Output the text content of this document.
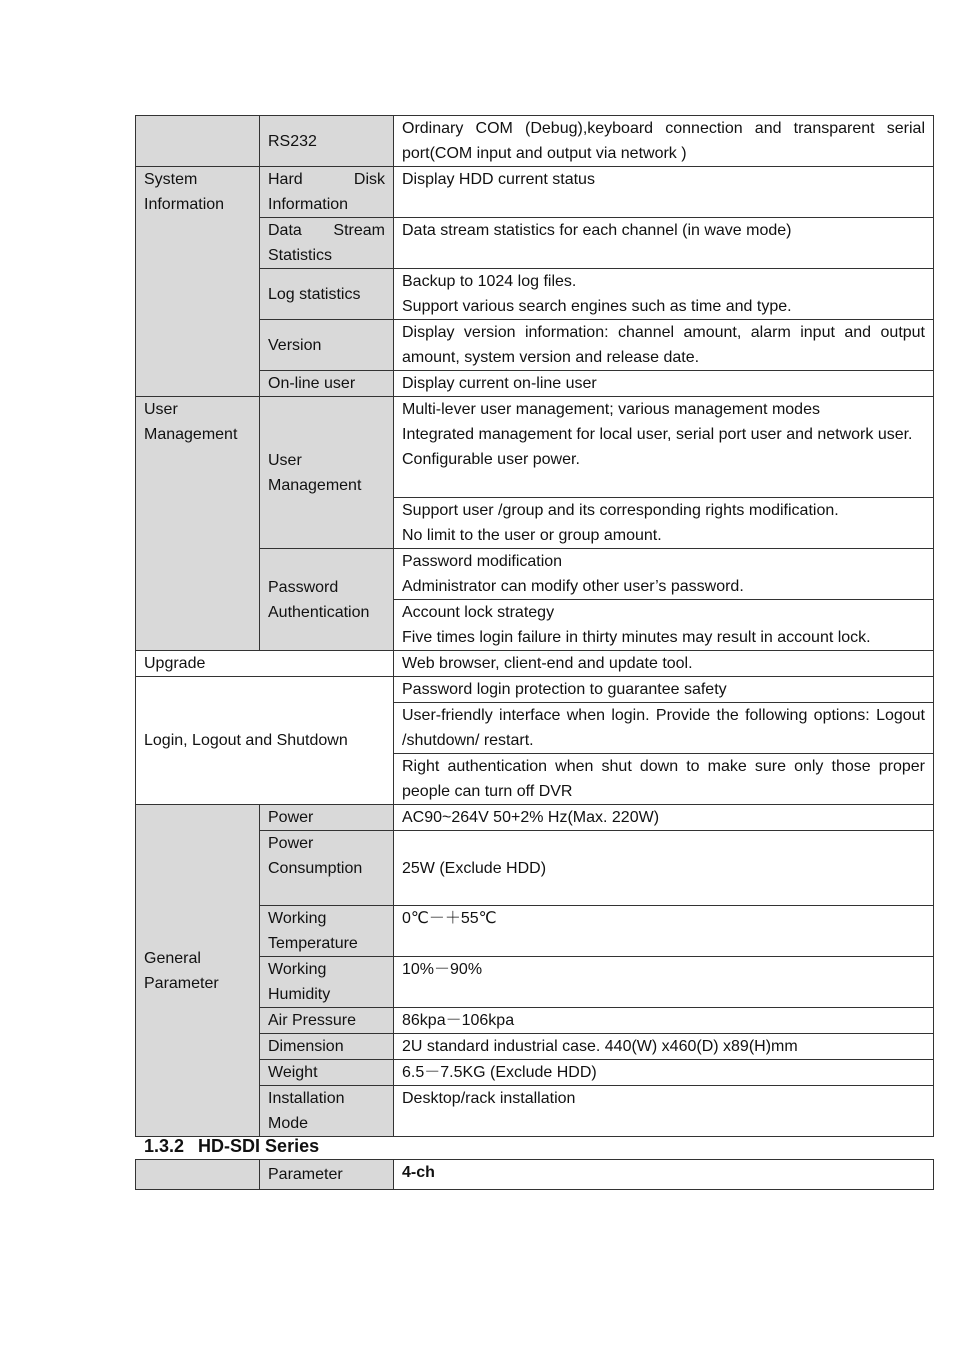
	RS232	Ordinary COM (Debug),keyboard connection and transparent serial port(COM input and output via network )
System Information	Hard Disk Information	Display HDD current status
	Data Stream Statistics	Data stream statistics for each channel (in wave mode)
	Log statistics	Backup to 1024 log files.
Support various search engines such as time and type.

	Version	Display version information: channel amount, alarm input and output amount, system version and release date.
	On-line user	Display current on-line user
User Management	User Management	Multi-lever user management; various management modes
Integrated management for local user, serial port user and network user.
Configurable user power.

		Support user /group and its corresponding rights modification.
No limit to the user or group amount.

	Password Authentication	Password modification
Administrator can modify other user’s password.

		Account lock strategy
Five times login failure in thirty minutes may result in account lock.

Upgrade		Web browser, client-end and update tool.
Login, Logout and Shutdown		Password login protection to guarantee safety
		User-friendly interface when login. Provide the following options: Logout /shutdown/ restart.
		Right authentication when shut down to make sure only those proper people can turn off DVR
General Parameter	Power	AC90~264V 50+2% Hz(Max. 220W)
	Power Consumption	25W (Exclude HDD)
	Working Temperature	0℃－＋55℃
	Working Humidity	10%－90%
	Air Pressure	86kpa－106kpa
	Dimension	2U standard industrial case. 440(W) x460(D) x89(H)mm
	Weight	6.5－7.5KG (Exclude HDD)
	Installation Mode	Desktop/rack installation
1.3.2 HD-SDI Series
	Parameter	4-ch
